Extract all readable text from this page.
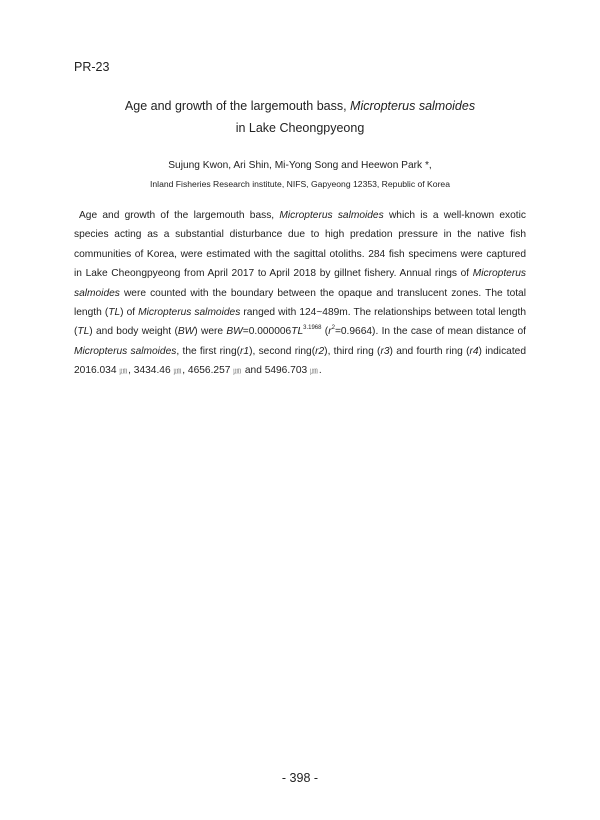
PR-23
Age and growth of the largemouth bass, Micropterus salmoides
in Lake Cheongpyeong
Sujung Kwon, Ari Shin, Mi-Yong Song and Heewon Park *,
Inland Fisheries Research institute, NIFS, Gapyeong 12353, Republic of Korea

Age and growth of the largemouth bass, Micropterus salmoides which is a well-known exotic species acting as a substantial disturbance due to high predation pressure in the native fish communities of Korea, were estimated with the sagittal otoliths. 284 fish specimens were captured in Lake Cheongpyeong from April 2017 to April 2018 by gillnet fishery. Annual rings of Micropterus salmoides were counted with the boundary between the opaque and translucent zones. The total length (TL) of Micropterus salmoides ranged with 124~489m. The relationships between total length (TL) and body weight (BW) were $BW=0.000006TL^{3.1968}$ $(r^2=0.9664)$. In the case of mean distance of Micropterus salmoides, the first ring(r1), second ring(r2), third ring (r3) and fourth ring (r4) indicated 2016.034 ㎛, 3434.46 ㎛, 4656.257 ㎛ and 5496.703 ㎛.

- 398 -
